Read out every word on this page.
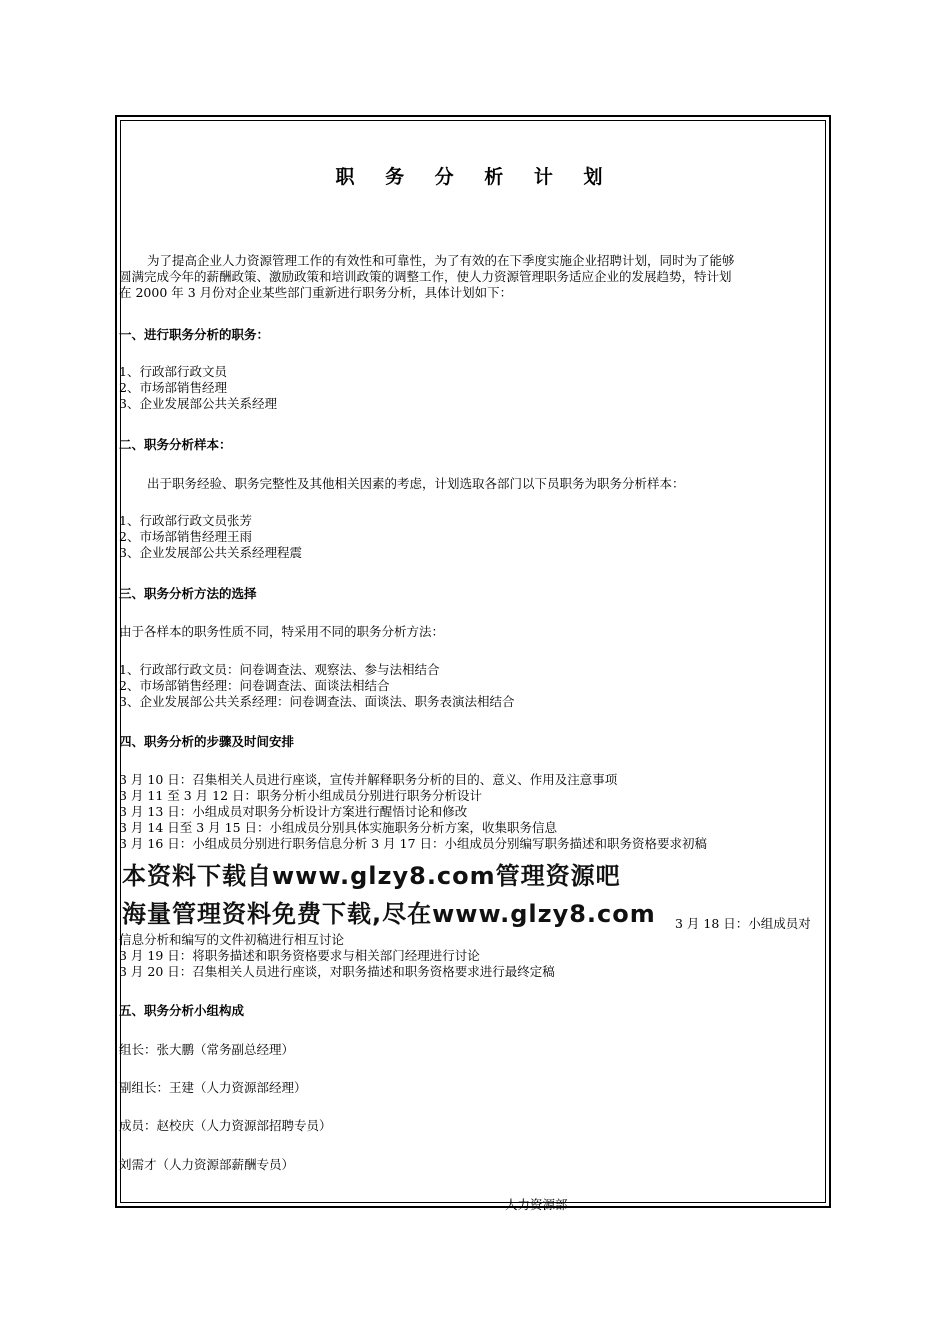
职 务 分 析 计 划
为了提高企业人力资源管理工作的有效性和可靠性，为了有效的在下季度实施企业招聘计划，同时为了能够
圆满完成今年的薪酬政策、激励政策和培训政策的调整工作，使人力资源管理职务适应企业的发展趋势，特计划
在 2000 年 3 月份对企业某些部门重新进行职务分析，具体计划如下：
一、进行职务分析的职务：
1、行政部行政文员
2、市场部销售经理
3、企业发展部公共关系经理
二、职务分析样本：
出于职务经验、职务完整性及其他相关因素的考虑，计划选取各部门以下员职务为职务分析样本：
1、行政部行政文员张芳
2、市场部销售经理王雨
3、企业发展部公共关系经理程震
三、职务分析方法的选择
由于各样本的职务性质不同，特采用不同的职务分析方法：
1、行政部行政文员：问卷调查法、观察法、参与法相结合
2、市场部销售经理：问卷调查法、面谈法相结合
3、企业发展部公共关系经理：问卷调查法、面谈法、职务表演法相结合
四、职务分析的步骤及时间安排
3 月 10 日：召集相关人员进行座谈，宣传并解释职务分析的目的、意义、作用及注意事项
3 月 11 至 3 月 12 日：职务分析小组成员分别进行职务分析设计
3 月 13 日：小组成员对职务分析设计方案进行醒悟讨论和修改
3 月 14 日至 3 月 15 日：小组成员分别具体实施职务分析方案，收集职务信息
3 月 16 日：小组成员分别进行职务信息分析 3 月 17 日：小组成员分别编写职务描述和职务资格要求初稿
本资料下载自www.glzy8.com管理资源吧
海量管理资料免费下载,尽在www.glzy8.com 3 月 18 日：小组成员对
信息分析和编写的文件初稿进行相互讨论
3 月 19 日：将职务描述和职务资格要求与相关部门经理进行讨论
3 月 20 日：召集相关人员进行座谈，对职务描述和职务资格要求进行最终定稿
五、职务分析小组构成
组长：张大鹏（常务副总经理）
副组长：王建（人力资源部经理）
成员：赵校庆（人力资源部招聘专员）
刘需才（人力资源部薪酬专员）
人力资源部
